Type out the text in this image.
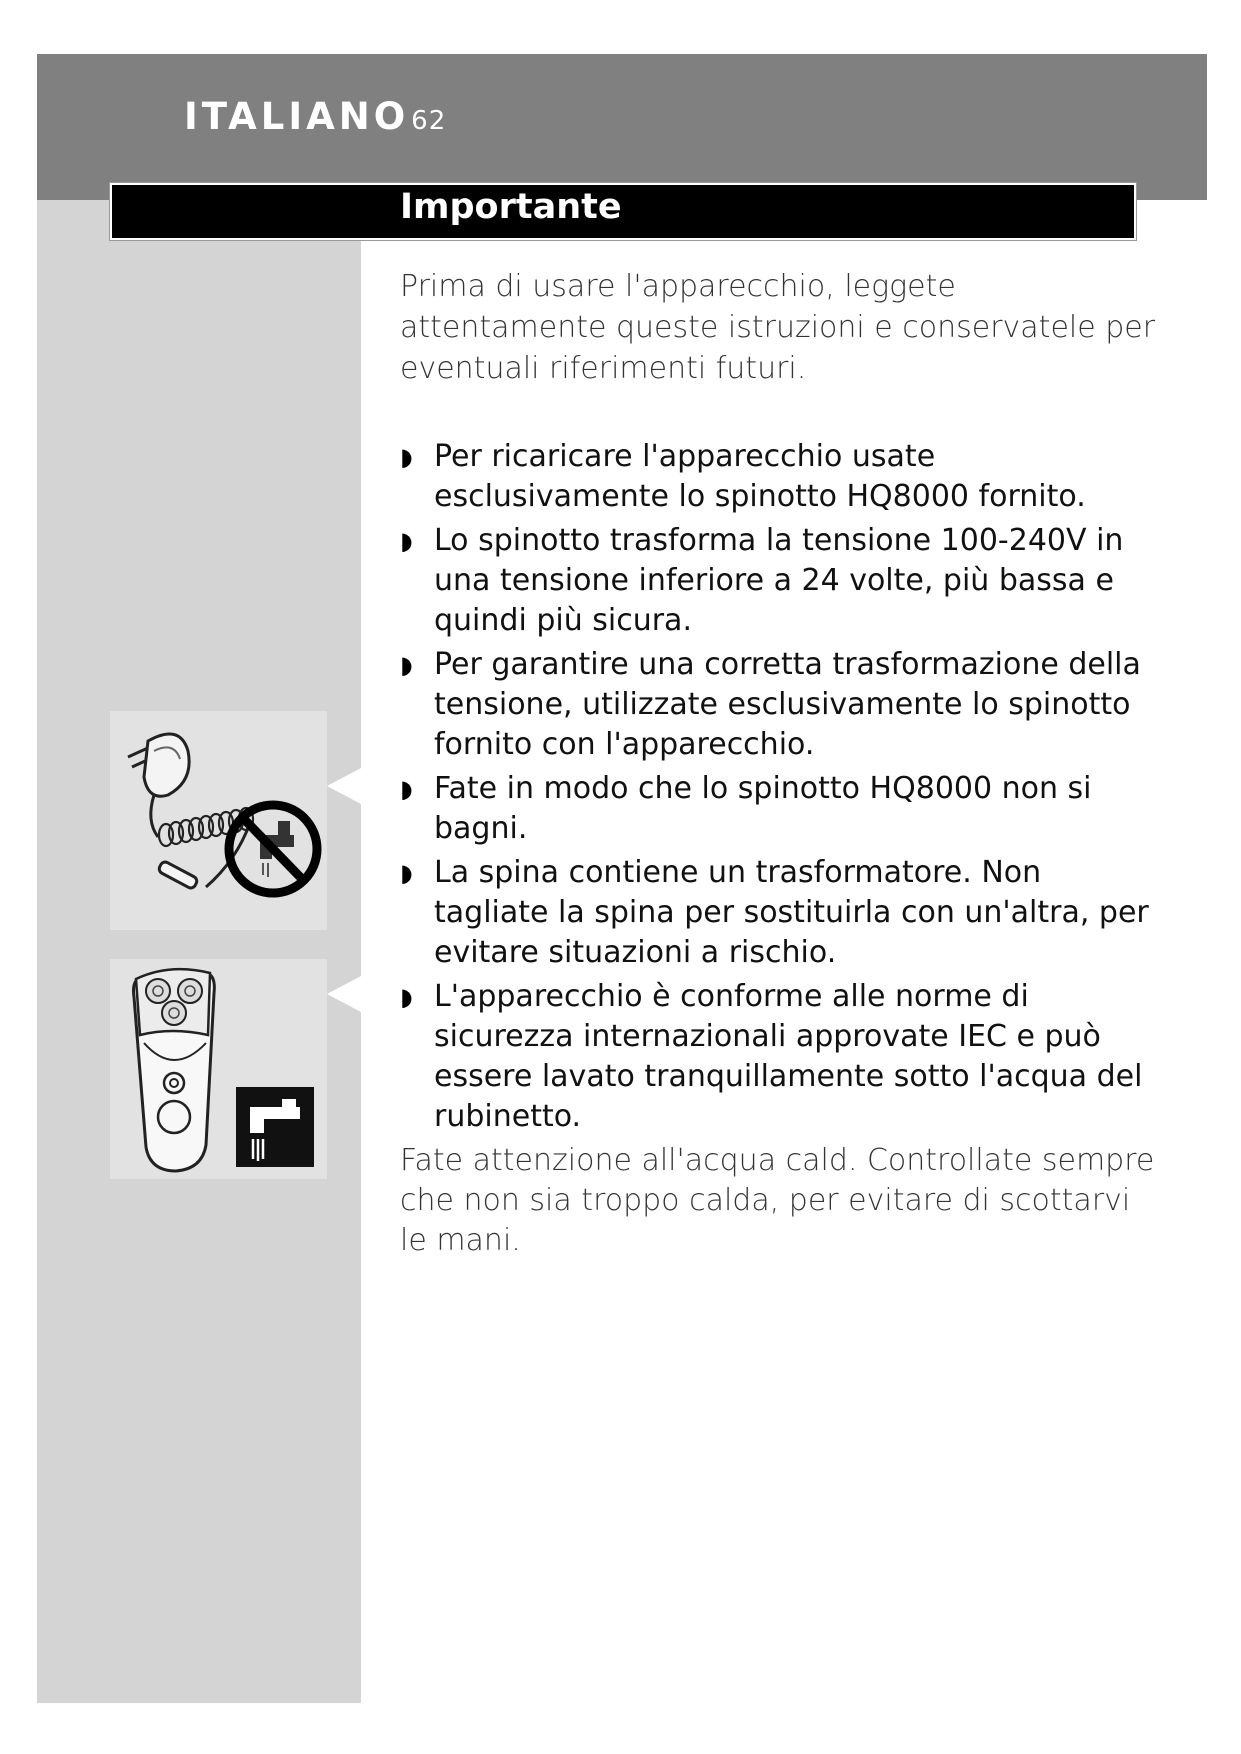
ITALIANO62
Importante

Prima di usare l'apparecchio, leggete attentamente queste istruzioni e conservatele per eventuali riferimenti futuri.

◗ Per ricaricare l'apparecchio usate esclusivamente lo spinotto HQ8000 fornito.
◗ Lo spinotto trasforma la tensione 100-240V in una tensione inferiore a 24 volte, più bassa e quindi più sicura.
◗ Per garantire una corretta trasformazione della tensione, utilizzate esclusivamente lo spinotto fornito con l'apparecchio.
◗ Fate in modo che lo spinotto HQ8000 non si bagni.
◗ La spina contiene un trasformatore. Non tagliate la spina per sostituirla con un'altra, per evitare situazioni a rischio.
◗ L'apparecchio è conforme alle norme di sicurezza internazionali approvate IEC e può essere lavato tranquillamente sotto l'acqua del rubinetto.

Fate attenzione all'acqua cald. Controllate sempre che non sia troppo calda, per evitare di scottarvi le mani.
